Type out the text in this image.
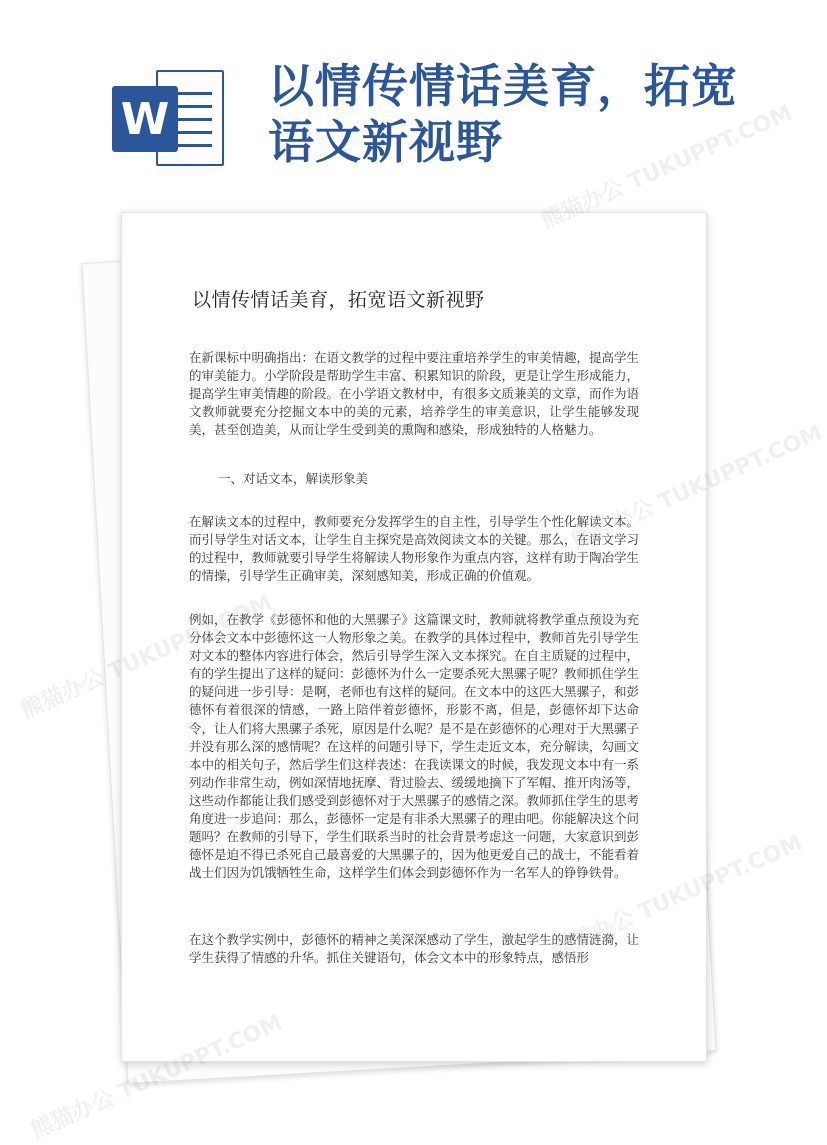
W
以情传情话美育，拓宽语文新视野
以情传情话美育，拓宽语文新视野

在新课标中明确指出：在语文教学的过程中要注重培养学生的审美情趣，提高学生的审美能力。小学阶段是帮助学生丰富、积累知识的阶段，更是让学生形成能力，提高学生审美情趣的阶段。在小学语文教材中，有很多文质兼美的文章，而作为语文教师就要充分挖掘文本中的美的元素，培养学生的审美意识，让学生能够发现美，甚至创造美，从而让学生受到美的熏陶和感染，形成独特的人格魅力。

一、对话文本，解读形象美

在解读文本的过程中，教师要充分发挥学生的自主性，引导学生个性化解读文本。而引导学生对话文本，让学生自主探究是高效阅读文本的关键。那么，在语文学习的过程中，教师就要引导学生将解读人物形象作为重点内容，这样有助于陶冶学生的情操，引导学生正确审美，深刻感知美，形成正确的价值观。

例如，在教学《彭德怀和他的大黑骡子》这篇课文时，教师就将教学重点预设为充分体会文本中彭德怀这一人物形象之美。在教学的具体过程中，教师首先引导学生对文本的整体内容进行体会，然后引导学生深入文本探究。在自主质疑的过程中，有的学生提出了这样的疑问：彭德怀为什么一定要杀死大黑骡子呢？教师抓住学生的疑问进一步引导：是啊，老师也有这样的疑问。在文本中的这匹大黑骡子，和彭德怀有着很深的情感，一路上陪伴着彭德怀，形影不离，但是，彭德怀却下达命令，让人们将大黑骡子杀死，原因是什么呢？是不是在彭德怀的心理对于大黑骡子并没有那么深的感情呢？在这样的问题引导下，学生走近文本，充分解读，勾画文本中的相关句子，然后学生们这样表述：在我读课文的时候，我发现文本中有一系列动作非常生动，例如深情地抚摩、背过脸去、缓缓地摘下了军帽、推开肉汤等，这些动作都能让我们感受到彭德怀对于大黑骡子的感情之深。教师抓住学生的思考角度进一步追问：那么，彭德怀一定是有非杀大黑骡子的理由吧。你能解决这个问题吗？在教师的引导下，学生们联系当时的社会背景考虑这一问题，大家意识到彭德怀是迫不得已杀死自己最喜爱的大黑骡子的，因为他更爱自己的战士，不能看着战士们因为饥饿牺牲生命，这样学生们体会到彭德怀作为一名军人的铮铮铁骨。

在这个教学实例中，彭德怀的精神之美深深感动了学生，激起学生的感情涟漪，让学生获得了情感的升华。抓住关键语句，体会文本中的形象特点，感悟形

熊猫办公 TUKUPPT.COM
TUKUPPT.COM
熊猫办公
TUKUPPT.COM
熊猫办公
